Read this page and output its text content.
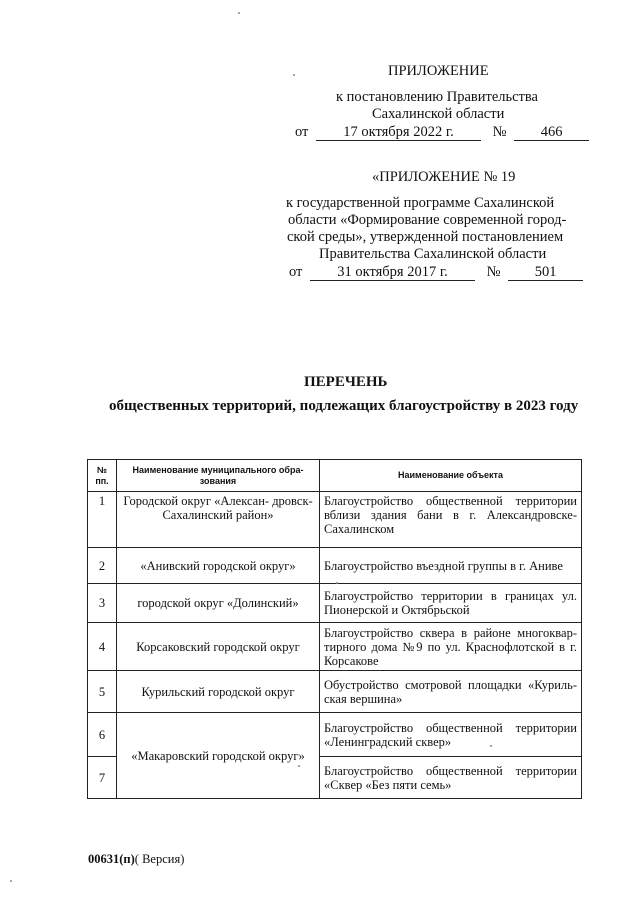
ПРИЛОЖЕНИЕ
к постановлению Правительства
Сахалинской области
от 17 октября 2022 г.	№ 466
«ПРИЛОЖЕНИЕ № 19
к государственной программе Сахалинской
области «Формирование современной город-
ской среды», утвержденной постановлением
Правительства Сахалинской области
от 31 октября 2017 г.	№ 501
ПЕРЕЧЕНЬ
общественных территорий, подлежащих благоустройству в 2023 году
№ пп.	Наименование муниципального обра- зования	Наименование объекта
1	Городской округ «Алексан- дровск-Сахалинский район»	Благоустройство общественной территории вблизи здания бани в г. Александровске-Сахалинском
2	«Анивский городской округ»	Благоустройство въездной группы в г. Аниве
3	городской округ «Долинский»	Благоустройство территории в границах ул. Пионерской и Октябрьской
4	Корсаковский городской округ	Благоустройство сквера в районе многоквар- тирного дома №9 по ул. Краснофлотской в г. Корсакове
5	Курильский городской округ	Обустройство смотровой площадки «Куриль- ская вершина»
6	«Макаровский городской округ»	Благоустройство общественной территории «Ленинградский сквер»
7		Благоустройство общественной территории «Сквер «Без пяти семь»
00631(п)( Версия)
